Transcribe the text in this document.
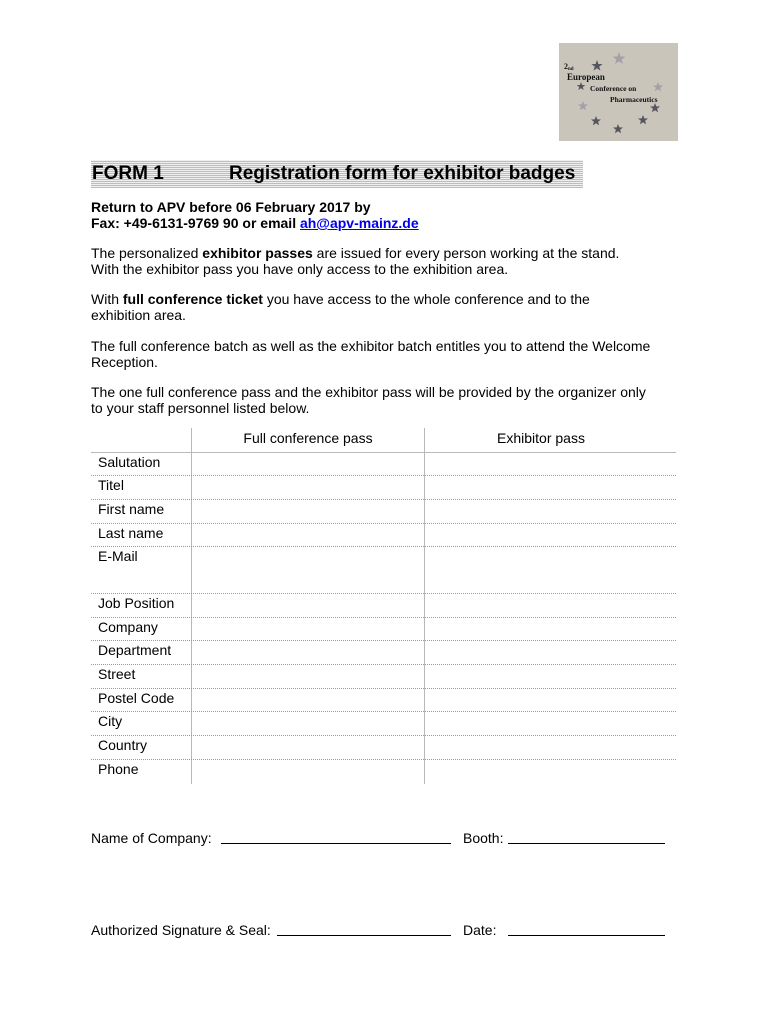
2nd
European
Conference on
Pharmaceutics
FORM 1	Registration form for exhibitor badges
Return to APV before 06 February 2017 by
Fax: +49-6131-9769 90 or email ah@apv-mainz.de
The personalized exhibitor passes are issued for every person working at the stand.
With the exhibitor pass you have only access to the exhibition area.
With full conference ticket you have access to the whole conference and to the
exhibition area.
The full conference batch as well as the exhibitor batch entitles you to attend the Welcome
Reception.
The one full conference pass and the exhibitor pass will be provided by the organizer only
to your staff personnel listed below.
Full conference pass	Exhibitor pass
Salutation
Titel
First name
Last name
E-Mail
Job Position
Company
Department
Street
Postel Code
City
Country
Phone
Name of Company:	Booth:
Authorized Signature & Seal:	Date:
